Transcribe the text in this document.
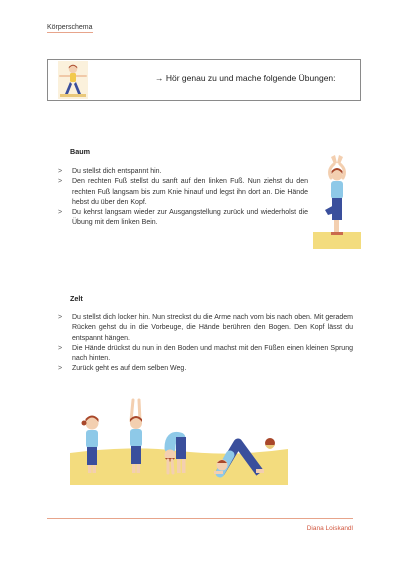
Körperschema
→ Hör genau zu und mache folgende Übungen:
Baum
> Du stellst dich entspannt hin.
> Den rechten Fuß stellst du sanft auf den linken Fuß. Nun ziehst du den rechten Fuß langsam bis zum Knie hinauf und legst ihn dort an. Die Hände hebst du über den Kopf.
> Du kehrst langsam wieder zur Ausgangstellung zurück und wiederholst die Übung mit dem linken Bein.
Zelt
> Du stellst dich locker hin. Nun streckst du die Arme nach vorn bis nach oben. Mit geradem Rücken gehst du in die Vorbeuge, die Hände berühren den Bogen. Den Kopf lässt du entspannt hängen.
> Die Hände drückst du nun in den Boden und machst mit den Füßen einen kleinen Sprung nach hinten.
> Zurück geht es auf dem selben Weg.
Diana Loiskandl
